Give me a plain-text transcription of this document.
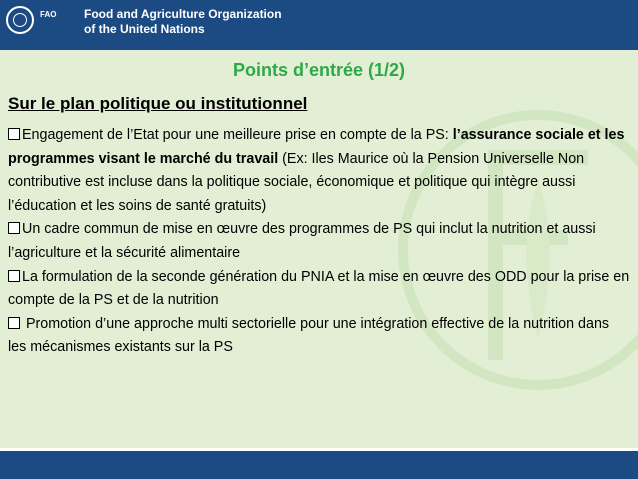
FAO	Food and Agriculture Organization
of the United Nations
Points d’entrée (1/2)
Sur le plan politique ou institutionnel
Engagement de l’Etat pour une meilleure prise en compte de la PS: l’assurance sociale et les programmes visant le marché du travail (Ex: Iles Maurice où la Pension Universelle Non contributive est incluse dans la politique sociale, économique et politique qui intègre aussi l’éducation et les soins de santé gratuits)
Un cadre commun de mise en œuvre des programmes de PS qui inclut la nutrition et aussi l’agriculture et la sécurité alimentaire
La formulation de la seconde génération du PNIA et la mise en œuvre des ODD pour la prise en compte de la PS et de la nutrition
Promotion d’une approche multi sectorielle pour une intégration effective de la nutrition dans les mécanismes existants sur la PS
